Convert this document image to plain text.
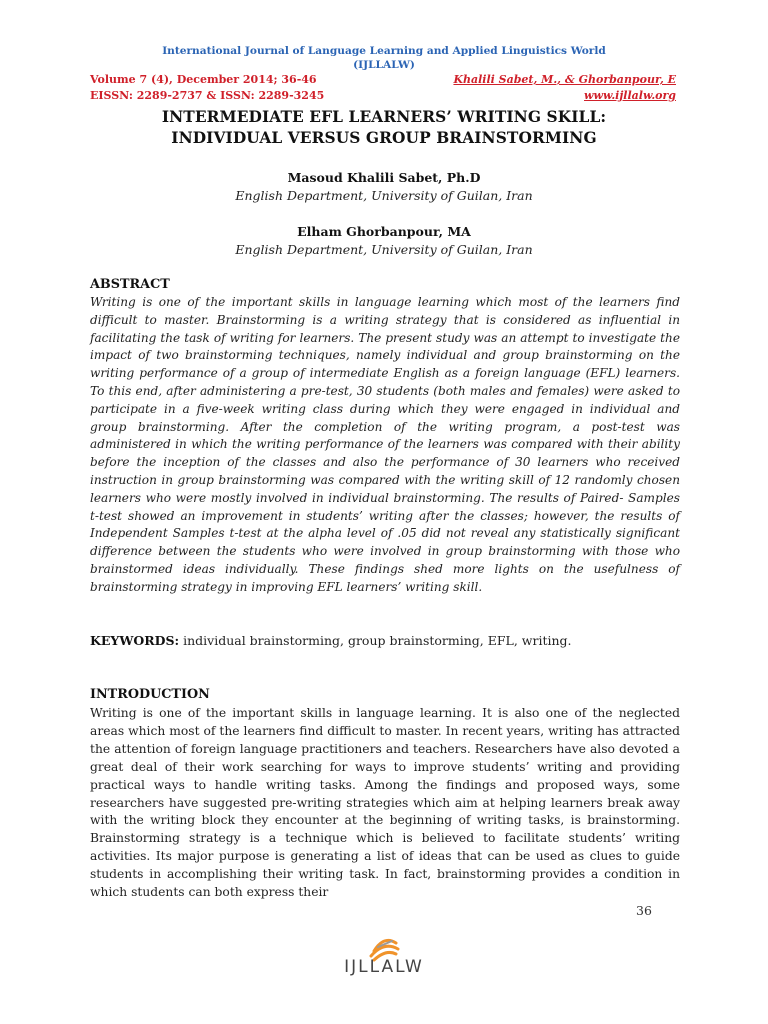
International Journal of Language Learning and Applied Linguistics World
(IJLLALW)
Volume 7 (4), December 2014; 36-46
EISSN: 2289-2737 & ISSN: 2289-3245
Khalili Sabet, M., & Ghorbanpour, E
www.ijllalw.org
INTERMEDIATE EFL LEARNERS’ WRITING SKILL:
INDIVIDUAL VERSUS GROUP BRAINSTORMING
Masoud Khalili Sabet, Ph.D
English Department, University of Guilan, Iran
Elham Ghorbanpour, MA
English Department, University of Guilan, Iran
ABSTRACT
Writing is one of the important skills in language learning which most of the learners find difficult to master. Brainstorming is a writing strategy that is considered as influential in facilitating the task of writing for learners. The present study was an attempt to investigate the impact of two brainstorming techniques, namely individual and group brainstorming on the writing performance of a group of intermediate English as a foreign language (EFL) learners. To this end, after administering a pre-test, 30 students (both males and females) were asked to participate in a five-week writing class during which they were engaged in individual and group brainstorming. After the completion of the writing program, a post-test was administered in which the writing performance of the learners was compared with their ability before the inception of the classes and also the performance of 30 learners who received instruction in group brainstorming was compared with the writing skill of 12 randomly chosen learners who were mostly involved in individual brainstorming. The results of Paired- Samples t-test showed an improvement in students’ writing after the classes; however, the results of Independent Samples t-test at the alpha level of .05 did not reveal any statistically significant difference between the students who were involved in group brainstorming with those who brainstormed ideas individually. These findings shed more lights on the usefulness of brainstorming strategy in improving EFL learners’ writing skill.
KEYWORDS: individual brainstorming, group brainstorming, EFL, writing.
INTRODUCTION
Writing is one of the important skills in language learning. It is also one of the neglected areas which most of the learners find difficult to master. In recent years, writing has attracted the attention of foreign language practitioners and teachers. Researchers have also devoted a great deal of their work searching for ways to improve students’ writing and providing practical ways to handle writing tasks. Among the findings and proposed ways, some researchers have suggested pre-writing strategies which aim at helping learners break away with the writing block they encounter at the beginning of writing tasks, is brainstorming. Brainstorming strategy is a technique which is believed to facilitate students’ writing activities. Its major purpose is generating a list of ideas that can be used as clues to guide students in accomplishing their writing task. In fact, brainstorming provides a condition in which students can both express their
36
IJLLALW
